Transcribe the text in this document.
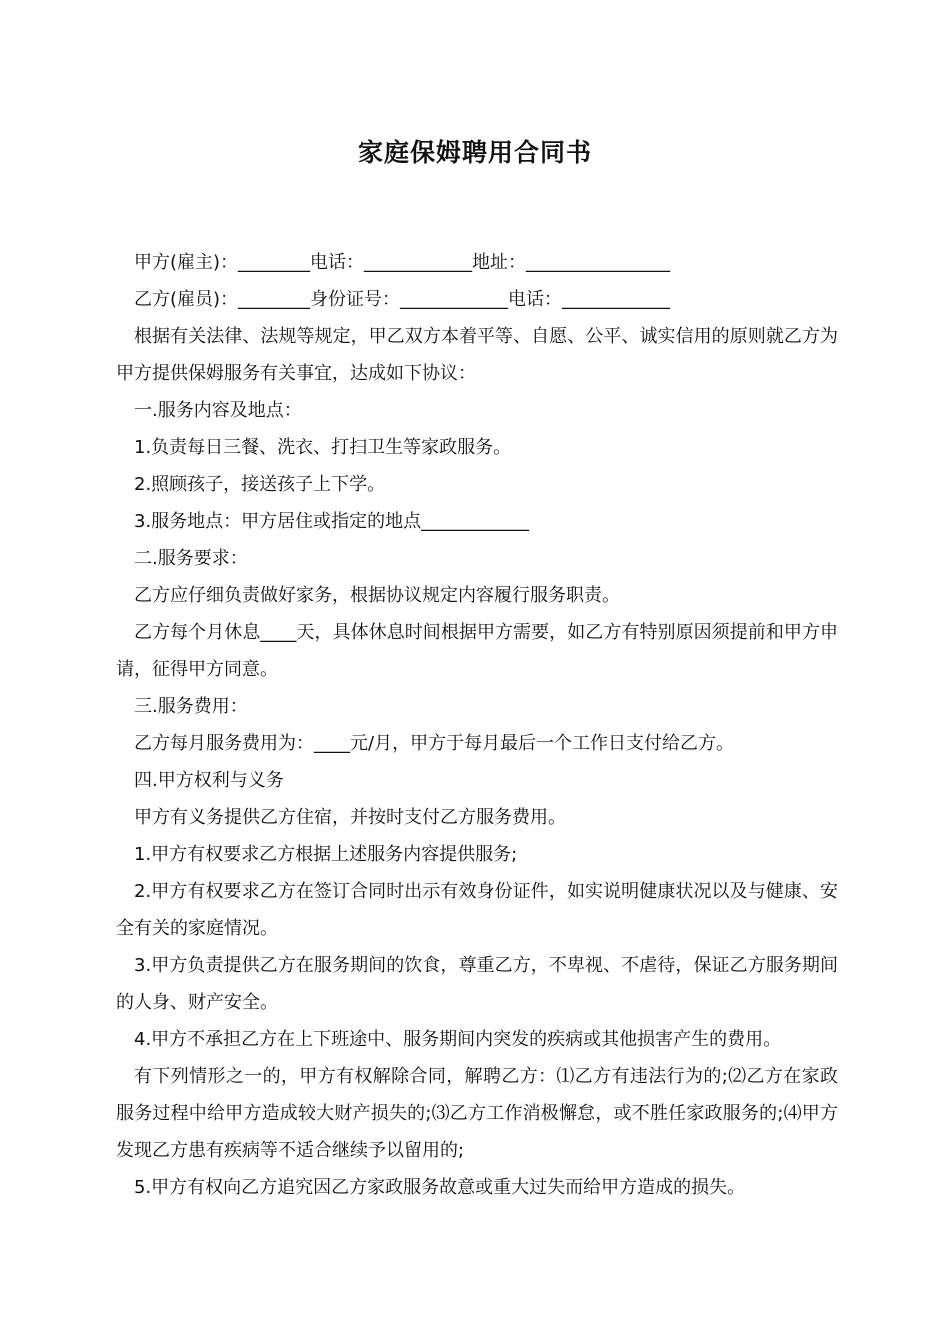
家庭保姆聘用合同书
甲方(雇主)：________电话：____________地址：________________
乙方(雇员)：________身份证号：____________电话：____________
根据有关法律、法规等规定，甲乙双方本着平等、自愿、公平、诚实信用的原则就乙方为甲方提供保姆服务有关事宜，达成如下协议：
一.服务内容及地点：
1.负责每日三餐、洗衣、打扫卫生等家政服务。
2.照顾孩子，接送孩子上下学。
3.服务地点：甲方居住或指定的地点____________
二.服务要求：
乙方应仔细负责做好家务，根据协议规定内容履行服务职责。
乙方每个月休息____天，具体休息时间根据甲方需要，如乙方有特别原因须提前和甲方申请，征得甲方同意。
三.服务费用：
乙方每月服务费用为：____元/月，甲方于每月最后一个工作日支付给乙方。
四.甲方权利与义务
甲方有义务提供乙方住宿，并按时支付乙方服务费用。
1.甲方有权要求乙方根据上述服务内容提供服务;
2.甲方有权要求乙方在签订合同时出示有效身份证件，如实说明健康状况以及与健康、安全有关的家庭情况。
3.甲方负责提供乙方在服务期间的饮食，尊重乙方，不卑视、不虐待，保证乙方服务期间的人身、财产安全。
4.甲方不承担乙方在上下班途中、服务期间内突发的疾病或其他损害产生的费用。
有下列情形之一的，甲方有权解除合同，解聘乙方：⑴乙方有违法行为的;⑵乙方在家政服务过程中给甲方造成较大财产损失的;⑶乙方工作消极懈怠，或不胜任家政服务的;⑷甲方发现乙方患有疾病等不适合继续予以留用的;
5.甲方有权向乙方追究因乙方家政服务故意或重大过失而给甲方造成的损失。
